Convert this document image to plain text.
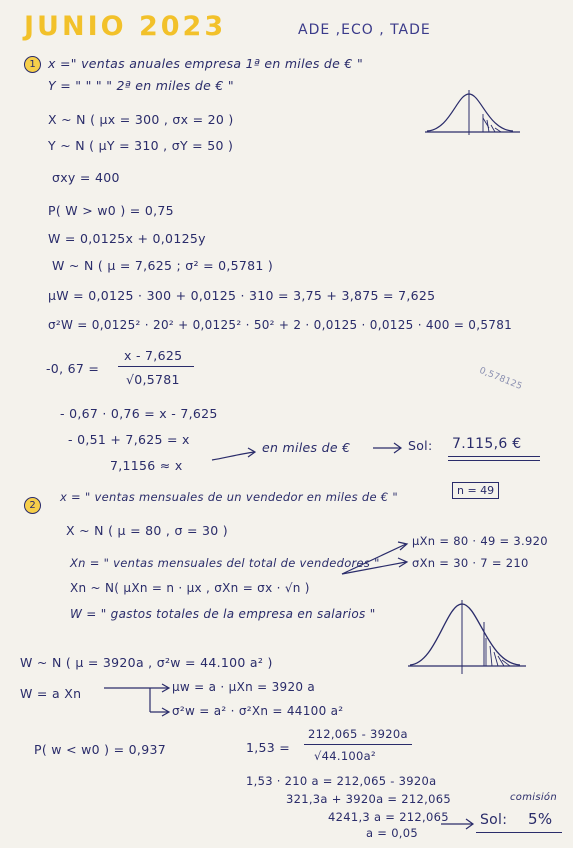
JUNIO 2023	ADE ,ECO , TADE
1 x =" ventas anuales empresa 1ª en miles de € "
Y = " " " " 2ª en miles de € "
X ~ N ( μx = 300 , σx = 20 )
Y ~ N ( μY = 310 , σY = 50 )
σxy = 400
P( W > w0 ) = 0,75
W = 0,0125x + 0,0125y
W ~ N ( μ = 7,625 ; σ² = 0,5781 )
μW = 0,0125 · 300 + 0,0125 · 310 = 3,75 + 3,875 = 7,625
σ²W = 0,0125² · 20² + 0,0125² · 50² + 2 · 0,0125 · 0,0125 · 400 = 0,5781
-0, 67 =
x - 7,625
√0,5781	0,578125
- 0,67 · 0,76 = x - 7,625
- 0,51 + 7,625 = x
7,1156 ≈ x
en miles de €	Sol: 7.115,6 €
2
x = " ventas mensuales de un vendedor en miles de € "	n = 49
X ~ N ( μ = 80 , σ = 30 )
Xn = " ventas mensuales del total de vendedores "
Xn ~ N( μXn = n · μx , σXn = σx · √n )
μXn = 80 · 49 = 3.920
σXn = 30 · 7 = 210
W = " gastos totales de la empresa en salarios "
W ~ N ( μ = 3920a , σ²w = 44.100 a² )
W = a Xn	μw = a · μXn = 3920 a
σ²w = a² · σ²Xn = 44100 a²
P( w < w0 ) = 0,937	1,53 =
212,065 - 3920a
√44.100a²
1,53 · 210 a = 212,065 - 3920a
321,3a + 3920a = 212,065
4241,3 a = 212,065
a = 0,05
comisión
Sol: 5%
